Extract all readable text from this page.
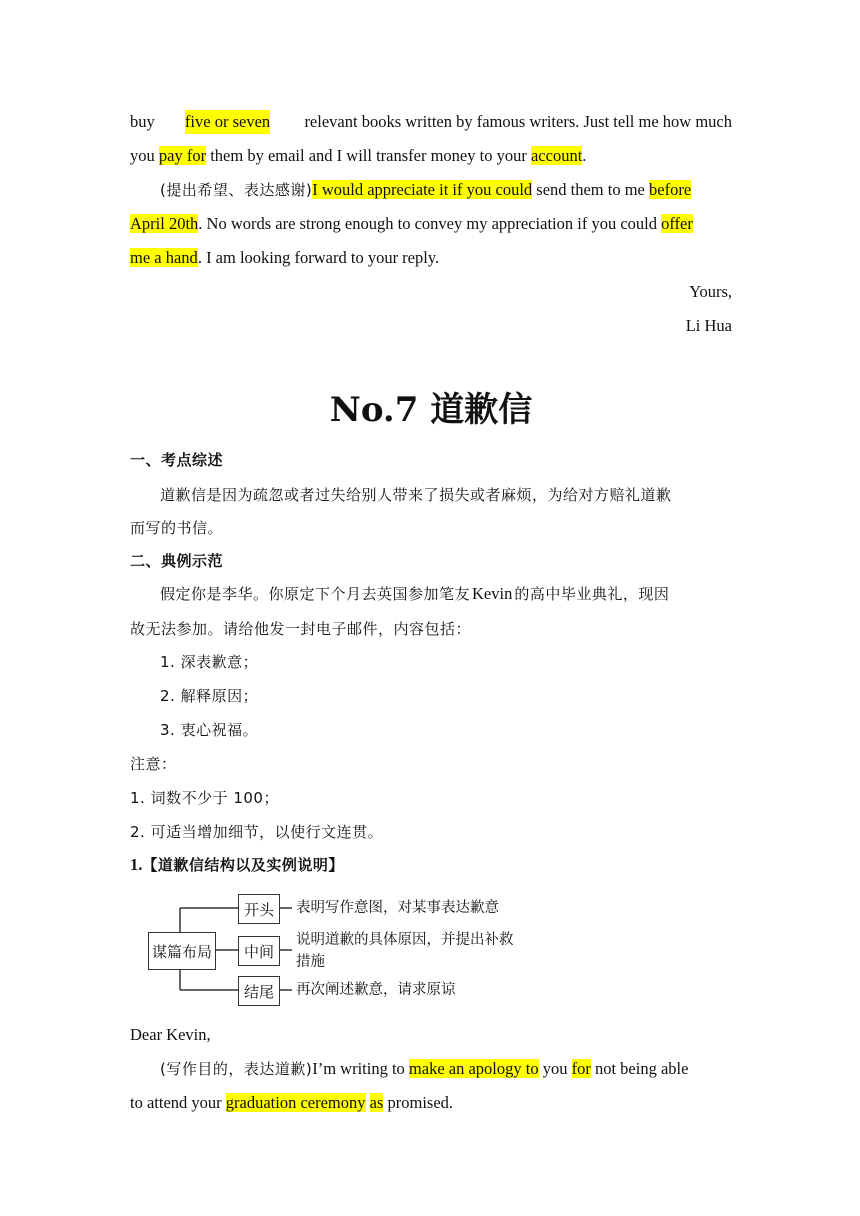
buy five or seven relevant books written by famous writers. Just tell me how much
you pay for them by email and I will transfer money to your account.
(提出希望、表达感谢)I would appreciate it if you could send them to me before
April 20th. No words are strong enough to convey my appreciation if you could offer
me a hand. I am looking forward to your reply.
Yours,
Li Hua
No.7 道歉信
一、考点综述
道歉信是因为疏忽或者过失给别人带来了损失或者麻烦，为给对方赔礼道歉
而写的书信。
二、典例示范
假定你是李华。你原定下个月去英国参加笔友 Kevin 的高中毕业典礼，现因
故无法参加。请给他发一封电子邮件，内容包括：
1. 深表歉意；
2. 解释原因；
3. 衷心祝福。
注意：
1. 词数不少于 100；
2. 可适当增加细节，以使行文连贯。
1.【道歉信结构以及实例说明】
谋篇布局
开头
中间
结尾
表明写作意图，对某事表达歉意
说明道歉的具体原因，并提出补救
措施
再次阐述歉意，请求原谅
Dear Kevin,
(写作目的，表达道歉)I’m writing to make an apology to you for not being able
to attend your graduation ceremony as promised.
